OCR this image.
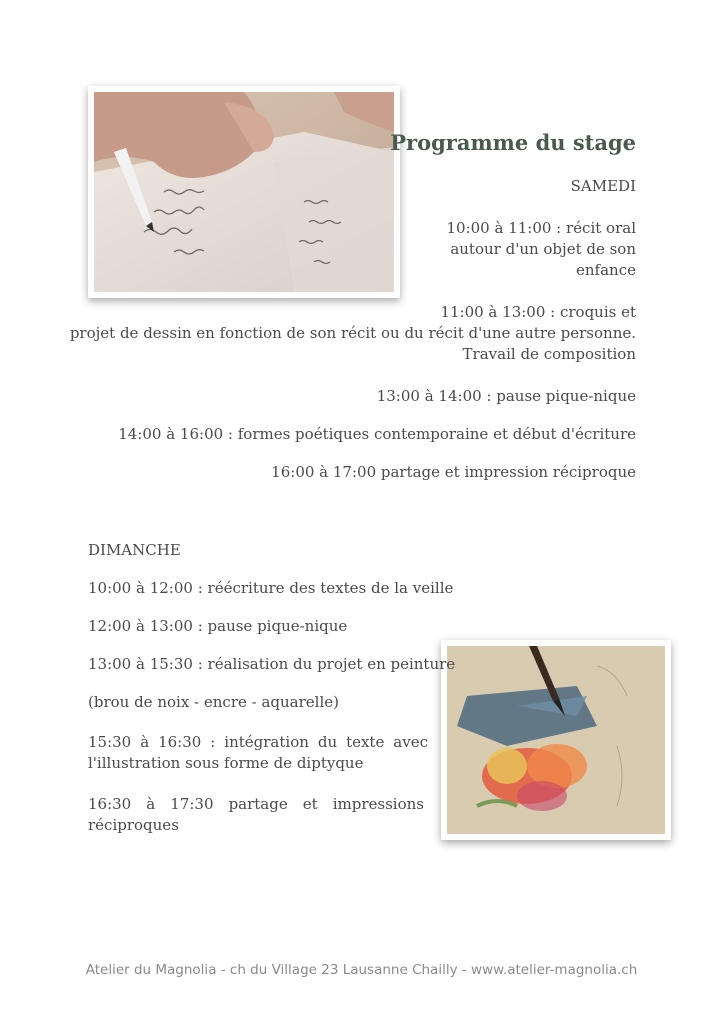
Programme du stage
SAMEDI
10:00 à 11:00 : récit oral
autour d'un objet de son
enfance
11:00 à 13:00 : croquis et
projet de dessin en fonction de son récit ou du récit d'une autre personne.
Travail de composition
13:00 à 14:00 : pause pique-nique
14:00 à 16:00 : formes poétiques contemporaine et début d'écriture
16:00 à 17:00 partage et impression réciproque
DIMANCHE
10:00 à 12:00 : réécriture des textes de la veille
12:00 à 13:00 : pause pique-nique
13:00 à 15:30 : réalisation du projet en peinture
(brou de noix - encre - aquarelle)
15:30 à 16:30 : intégration du texte avec
l'illustration sous forme de diptyque
16:30 à 17:30 partage et impressions
réciproques
Atelier du Magnolia - ch du Village 23 Lausanne Chailly - www.atelier-magnolia.ch
